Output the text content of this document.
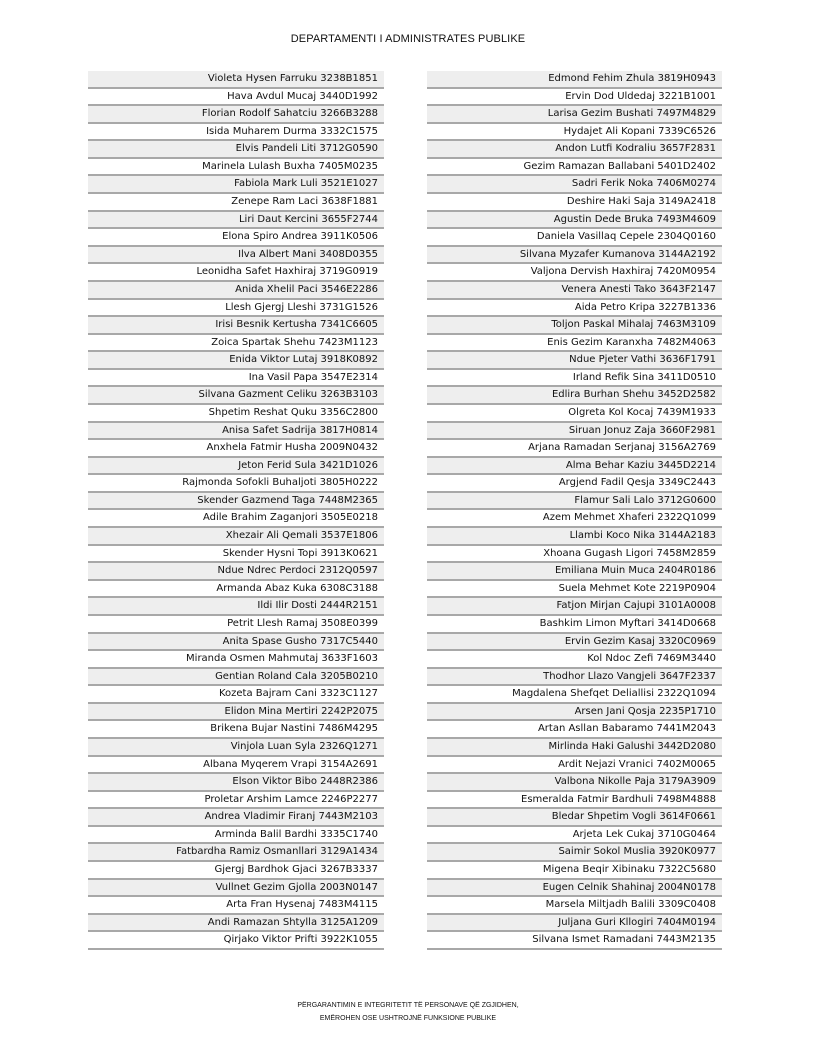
DEPARTAMENTI I ADMINISTRATES PUBLIKE
Violeta Hysen Farruku 3238B1851
Hava Avdul Mucaj 3440D1992
Florian Rodolf Sahatciu 3266B3288
Isida Muharem Durma 3332C1575
Elvis Pandeli Liti 3712G0590
Marinela Lulash Buxha 7405M0235
Fabiola Mark Luli 3521E1027
Zenepe Ram Laci 3638F1881
Liri Daut Kercini 3655F2744
Elona Spiro Andrea 3911K0506
Ilva Albert Mani 3408D0355
Leonidha Safet Haxhiraj 3719G0919
Anida Xhelil Paci 3546E2286
Llesh Gjergj Lleshi 3731G1526
Irisi Besnik Kertusha 7341C6605
Zoica Spartak Shehu 7423M1123
Enida Viktor Lutaj 3918K0892
Ina Vasil Papa 3547E2314
Silvana Gazment Celiku 3263B3103
Shpetim Reshat Quku 3356C2800
Anisa Safet Sadrija 3817H0814
Anxhela Fatmir Husha 2009N0432
Jeton Ferid Sula 3421D1026
Rajmonda Sofokli Buhaljoti 3805H0222
Skender Gazmend Taga 7448M2365
Adile Brahim Zaganjori 3505E0218
Xhezair Ali Qemali 3537E1806
Skender Hysni Topi 3913K0621
Ndue Ndrec Perdoci 2312Q0597
Armanda Abaz Kuka 6308C3188
Ildi Ilir Dosti 2444R2151
Petrit Llesh Ramaj 3508E0399
Anita Spase Gusho 7317C5440
Miranda Osmen Mahmutaj 3633F1603
Gentian Roland Cala 3205B0210
Kozeta Bajram Cani 3323C1127
Elidon Mina Mertiri 2242P2075
Brikena Bujar Nastini 7486M4295
Vinjola Luan Syla 2326Q1271
Albana Myqerem Vrapi 3154A2691
Elson Viktor Bibo 2448R2386
Proletar Arshim Lamce 2246P2277
Andrea Vladimir Firanj 7443M2103
Arminda Balil Bardhi 3335C1740
Fatbardha Ramiz Osmanllari 3129A1434
Gjergj Bardhok Gjaci 3267B3337
Vullnet Gezim Gjolla 2003N0147
Arta Fran Hysenaj 7483M4115
Andi Ramazan Shtylla 3125A1209
Qirjako Viktor Prifti 3922K1055
Edmond Fehim Zhula 3819H0943
Ervin Dod Uldedaj 3221B1001
Larisa Gezim Bushati 7497M4829
Hydajet Ali Kopani 7339C6526
Andon Lutfi Kodraliu 3657F2831
Gezim Ramazan Ballabani 5401D2402
Sadri Ferik Noka 7406M0274
Deshire Haki Saja 3149A2418
Agustin Dede Bruka 7493M4609
Daniela Vasillaq Cepele 2304Q0160
Silvana Myzafer Kumanova 3144A2192
Valjona Dervish Haxhiraj 7420M0954
Venera Anesti Tako 3643F2147
Aida Petro Kripa 3227B1336
Toljon Paskal Mihalaj 7463M3109
Enis Gezim Karanxha 7482M4063
Ndue Pjeter Vathi 3636F1791
Irland Refik Sina 3411D0510
Edlira Burhan Shehu 3452D2582
Olgreta Kol Kocaj 7439M1933
Siruan Jonuz Zaja 3660F2981
Arjana Ramadan Serjanaj 3156A2769
Alma Behar Kaziu 3445D2214
Argjend Fadil Qesja 3349C2443
Flamur Sali Lalo 3712G0600
Azem Mehmet Xhaferi 2322Q1099
Llambi Koco Nika 3144A2183
Xhoana Gugash Ligori 7458M2859
Emiliana Muin Muca 2404R0186
Suela Mehmet Kote 2219P0904
Fatjon Mirjan Cajupi 3101A0008
Bashkim Limon Myftari 3414D0668
Ervin Gezim Kasaj 3320C0969
Kol Ndoc Zefi 7469M3440
Thodhor Llazo Vangjeli 3647F2337
Magdalena Shefqet Deliallisi 2322Q1094
Arsen Jani Qosja 2235P1710
Artan Asllan Babaramo 7441M2043
Mirlinda Haki Galushi 3442D2080
Ardit Nejazi Vranici 7402M0065
Valbona Nikolle Paja 3179A3909
Esmeralda Fatmir Bardhuli 7498M4888
Bledar Shpetim Vogli 3614F0661
Arjeta Lek Cukaj 3710G0464
Saimir Sokol Muslia 3920K0977
Migena Beqir Xibinaku 7322C5680
Eugen Celnik Shahinaj 2004N0178
Marsela Miltjadh Balili 3309C0408
Juljana Guri Kllogiri 7404M0194
Silvana Ismet Ramadani 7443M2135
PËRGARANTIMIN E INTEGRITETIT TË PERSONAVE QË ZGJIDHEN,
EMËROHEN OSE USHTROJNË FUNKSIONE PUBLIKE
